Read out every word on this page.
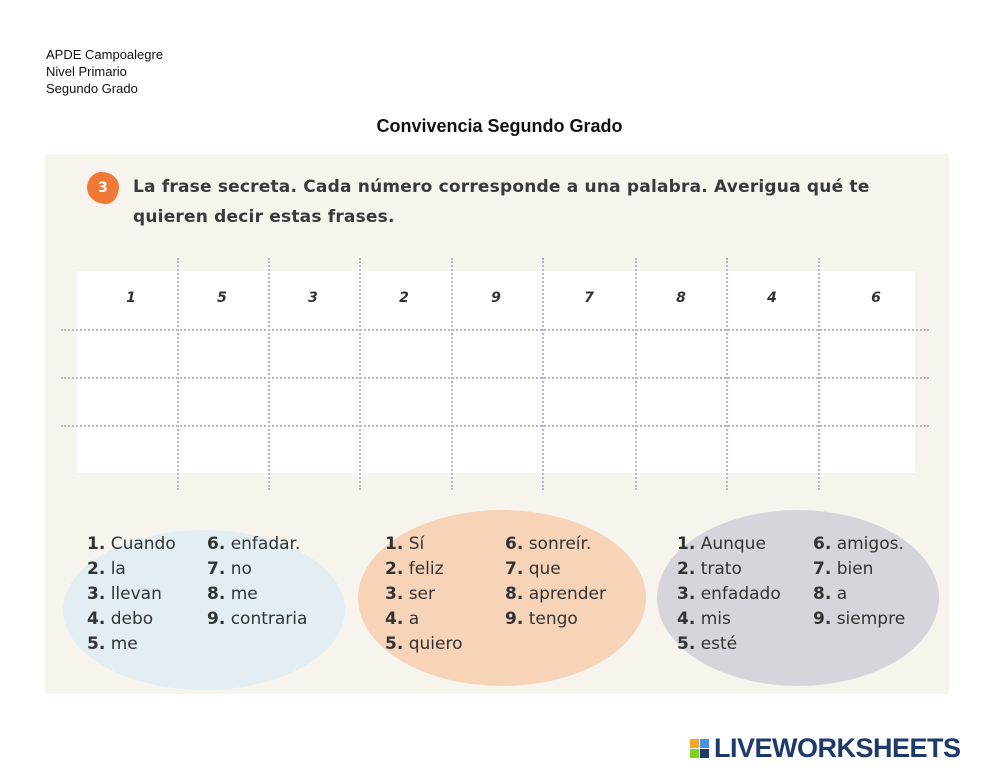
APDE Campoalegre
Nivel Primario
Segundo Grado
Convivencia Segundo Grado
3	La frase secreta. Cada número corresponde a una palabra. Averigua qué te quieren decir estas frases.
1	5	3	2	9	7	8	4	6
1. Cuando
2. la
3. llevan
4. debo
5. me
6. enfadar.
7. no
8. me
9. contraria
1. Sí
2. feliz
3. ser
4. a
5. quiero
6. sonreír.
7. que
8. aprender
9. tengo
1. Aunque
2. trato
3. enfadado
4. mis
5. esté
6. amigos.
7. bien
8. a
9. siempre
LIVEWORKSHEETS
